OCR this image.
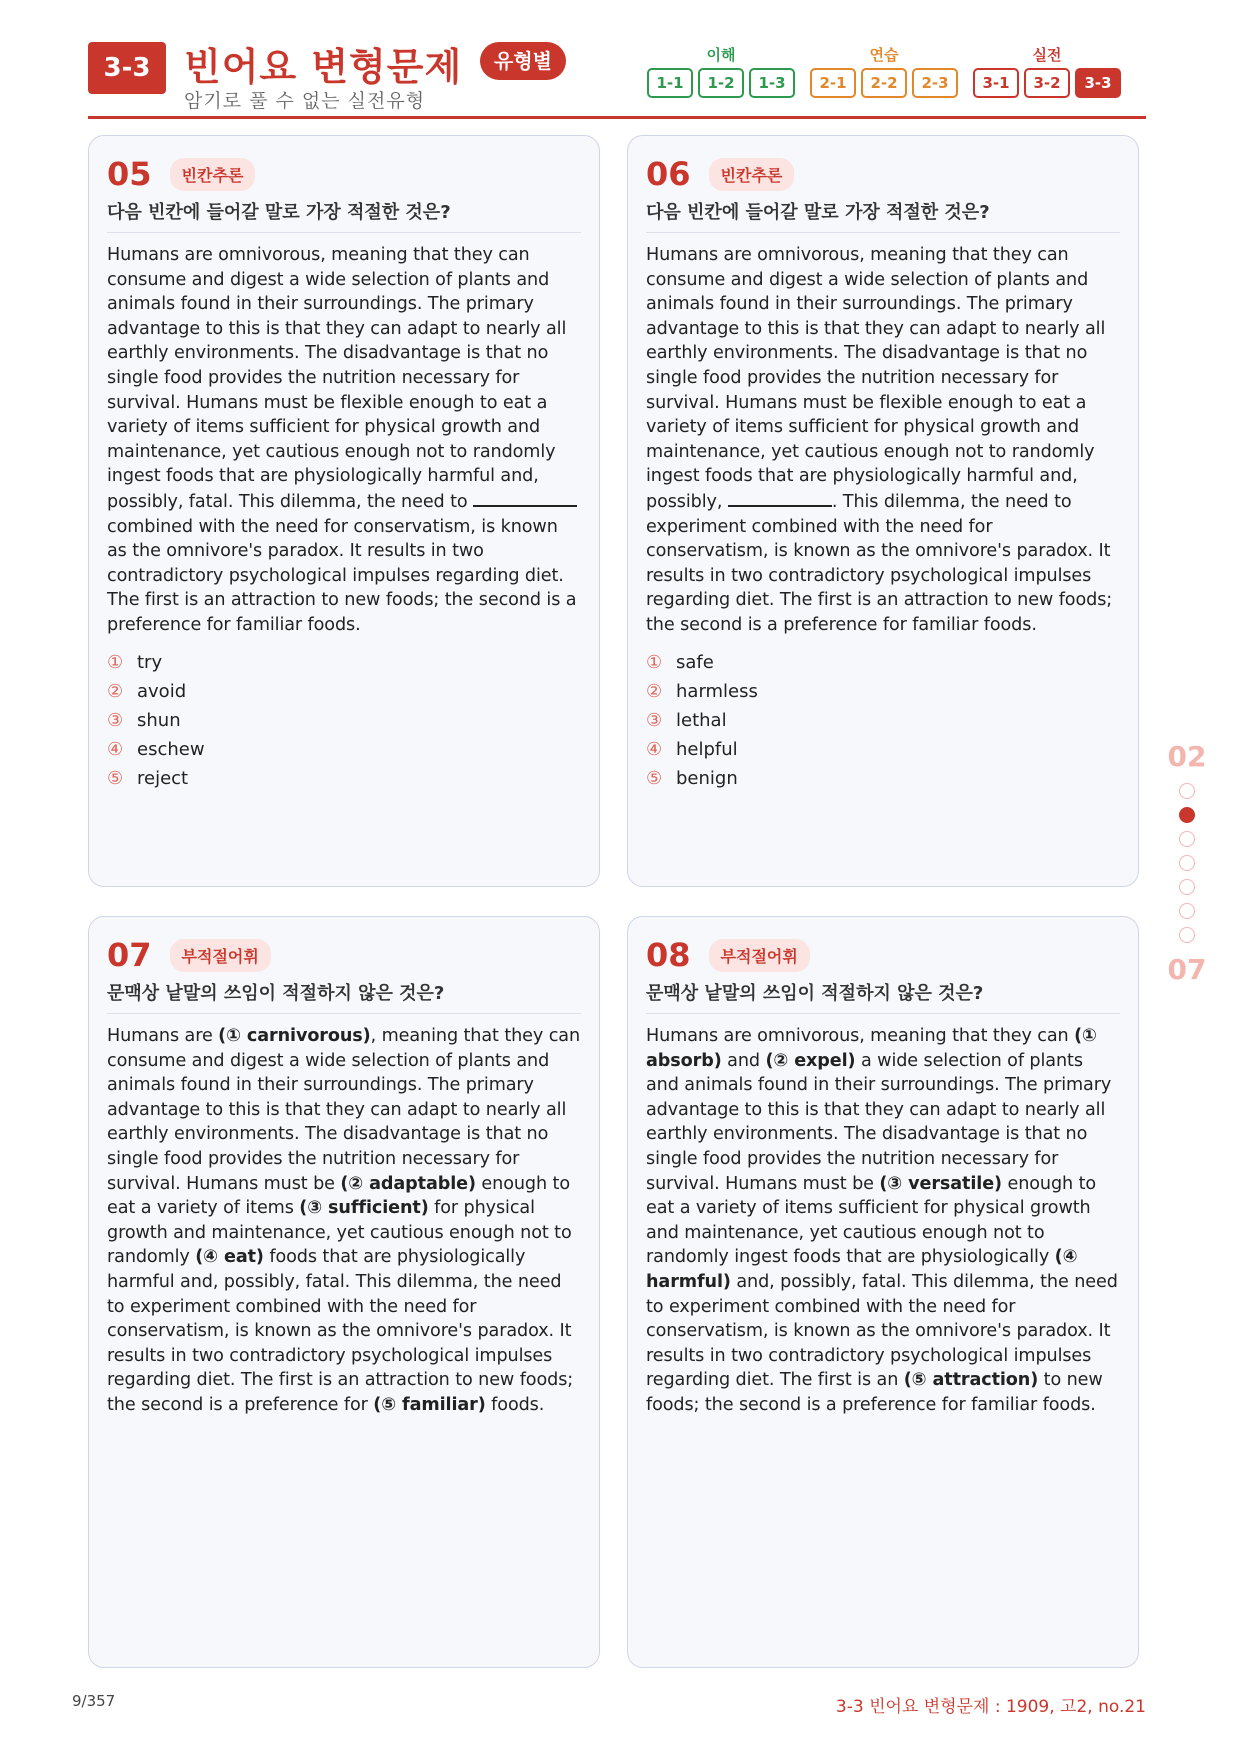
3-3 빈어요 변형문제	유형별
암기로 풀 수 없는 실전유형
이해
1-1	1-2	1-3
연습
2-1	2-2	2-3
실전
3-1	3-2	3-3
05	빈칸추론
다음 빈칸에 들어갈 말로 가장 적절한 것은?
Humans are omnivorous, meaning that they can consume and digest a wide selection of plants and animals found in their surroundings. The primary advantage to this is that they can adapt to nearly all earthly environments. The disadvantage is that no single food provides the nutrition necessary for survival. Humans must be flexible enough to eat a variety of items sufficient for physical growth and maintenance, yet cautious enough not to randomly ingest foods that are physiologically harmful and, possibly, fatal. This dilemma, the need to  combined with the need for conservatism, is known as the omnivore's paradox. It results in two contradictory psychological impulses regarding diet. The first is an attraction to new foods; the second is a preference for familiar foods.
① try
② avoid
③ shun
④ eschew
⑤ reject
06	빈칸추론
다음 빈칸에 들어갈 말로 가장 적절한 것은?
Humans are omnivorous, meaning that they can consume and digest a wide selection of plants and animals found in their surroundings. The primary advantage to this is that they can adapt to nearly all earthly environments. The disadvantage is that no single food provides the nutrition necessary for survival. Humans must be flexible enough to eat a variety of items sufficient for physical growth and maintenance, yet cautious enough not to randomly ingest foods that are physiologically harmful and, possibly,	. This dilemma, the need to experiment combined with the need for conservatism, is known as the omnivore's paradox. It results in two contradictory psychological impulses regarding diet. The first is an attraction to new foods; the second is a preference for familiar foods.
① safe
② harmless
③ lethal
④ helpful
⑤ benign
07	부적절어휘
문맥상 낱말의 쓰임이 적절하지 않은 것은?
Humans are (① carnivorous), meaning that they can consume and digest a wide selection of plants and animals found in their surroundings. The primary advantage to this is that they can adapt to nearly all earthly environments. The disadvantage is that no single food provides the nutrition necessary for survival. Humans must be (② adaptable) enough to eat a variety of items (③ sufficient) for physical growth and maintenance, yet cautious enough not to randomly (④ eat) foods that are physiologically harmful and, possibly, fatal. This dilemma, the need to experiment combined with the need for conservatism, is known as the omnivore's paradox. It results in two contradictory psychological impulses regarding diet. The first is an attraction to new foods; the second is a preference for (⑤ familiar) foods.
08	부적절어휘
문맥상 낱말의 쓰임이 적절하지 않은 것은?
Humans are omnivorous, meaning that they can (① absorb) and (② expel) a wide selection of plants and animals found in their surroundings. The primary advantage to this is that they can adapt to nearly all earthly environments. The disadvantage is that no single food provides the nutrition necessary for survival. Humans must be (③ versatile) enough to eat a variety of items sufficient for physical growth and maintenance, yet cautious enough not to randomly ingest foods that are physiologically (④ harmful) and, possibly, fatal. This dilemma, the need to experiment combined with the need for conservatism, is known as the omnivore's paradox. It results in two contradictory psychological impulses regarding diet. The first is an (⑤ attraction) to new foods; the second is a preference for familiar foods.
02
07
9/357	3-3 빈어요 변형문제 : 1909, 고2, no.21
